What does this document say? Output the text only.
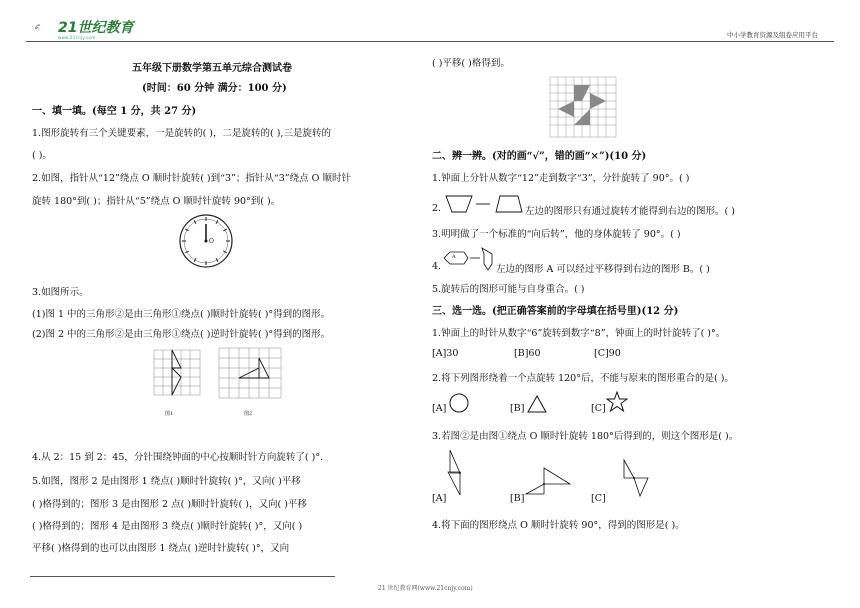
21世纪教育
www.21cnjy.com	中小学教育资源及组卷应用平台
五年级下册数学第五单元综合测试卷
(时间：60 分钟 满分：100 分)
一、填一填。(每空 1 分，共 27 分)
1.图形旋转有三个关键要素，一是旋转的( )，二是旋转的( ),三是旋转的
( )。
2.如图，指针从“12”绕点 O 顺时针旋转( )到“3”；指针从“3”绕点 O 顺时针
旋转 180°到( )；指针从“5”绕点 O 顺时针旋转 90°到( )。
O
3.如图所示。
(1)图 1 中的三角形②是由三角形①绕点( )顺时针旋转( )°得到的图形。
(2)图 2 中的三角形②是由三角形①绕点( )逆时针旋转( )°得到的图形。
图1	图2
4.从 2：15 到 2：45，分针围绕钟面的中心按顺时针方向旋转了( )°.
5.如图，图形 2 是由图形 1 绕点( )顺时针旋转( )°，又向( )平移
( )格得到的；图形 3 是由图形 2 点( )顺时针旋转( )，又向( )平移
( )格得到的；图形 4 是由图形 3 绕点( )顺时针旋转( )°，又向( )
平移( )格得到的也可以由图形 1 绕点( )逆时针旋转( )°，又向
21 世纪教育网(www.21cnjy.com)
( )平移( )格得到。
二、辨一辨。(对的画“√”，错的画“×”)(10 分)
1.钟面上分针从数字“12”走到数字“3”，分针旋转了 90°。( )
2.	左边的图形只有通过旋转才能得到右边的图形。( )
3.明明做了一个标准的“向后转”，他的身体旋转了 90°。( )
4.
A
左边的图形 A 可以经过平移得到右边的图形 B。( )
5.旋转后的图形可能与自身重合。( )
三、选一选。(把正确答案前的字母填在括号里)(12 分)
1.钟面上的时针从数字“6”旋转到数字“8”，钟面上的时针旋转了( )°。
[A]30	[B]60	[C]90
2.将下列图形绕着一个点旋转 120°后，不能与原来的图形重合的是( )。
[A]	[B]	[C]
3.若图②是由图①绕点 O 顺时针旋转 180°后得到的，则这个图形是( )。
[A]	[B]	[C]
4.将下面的图形绕点 O 顺时针旋转 90°，得到的图形是( )。
